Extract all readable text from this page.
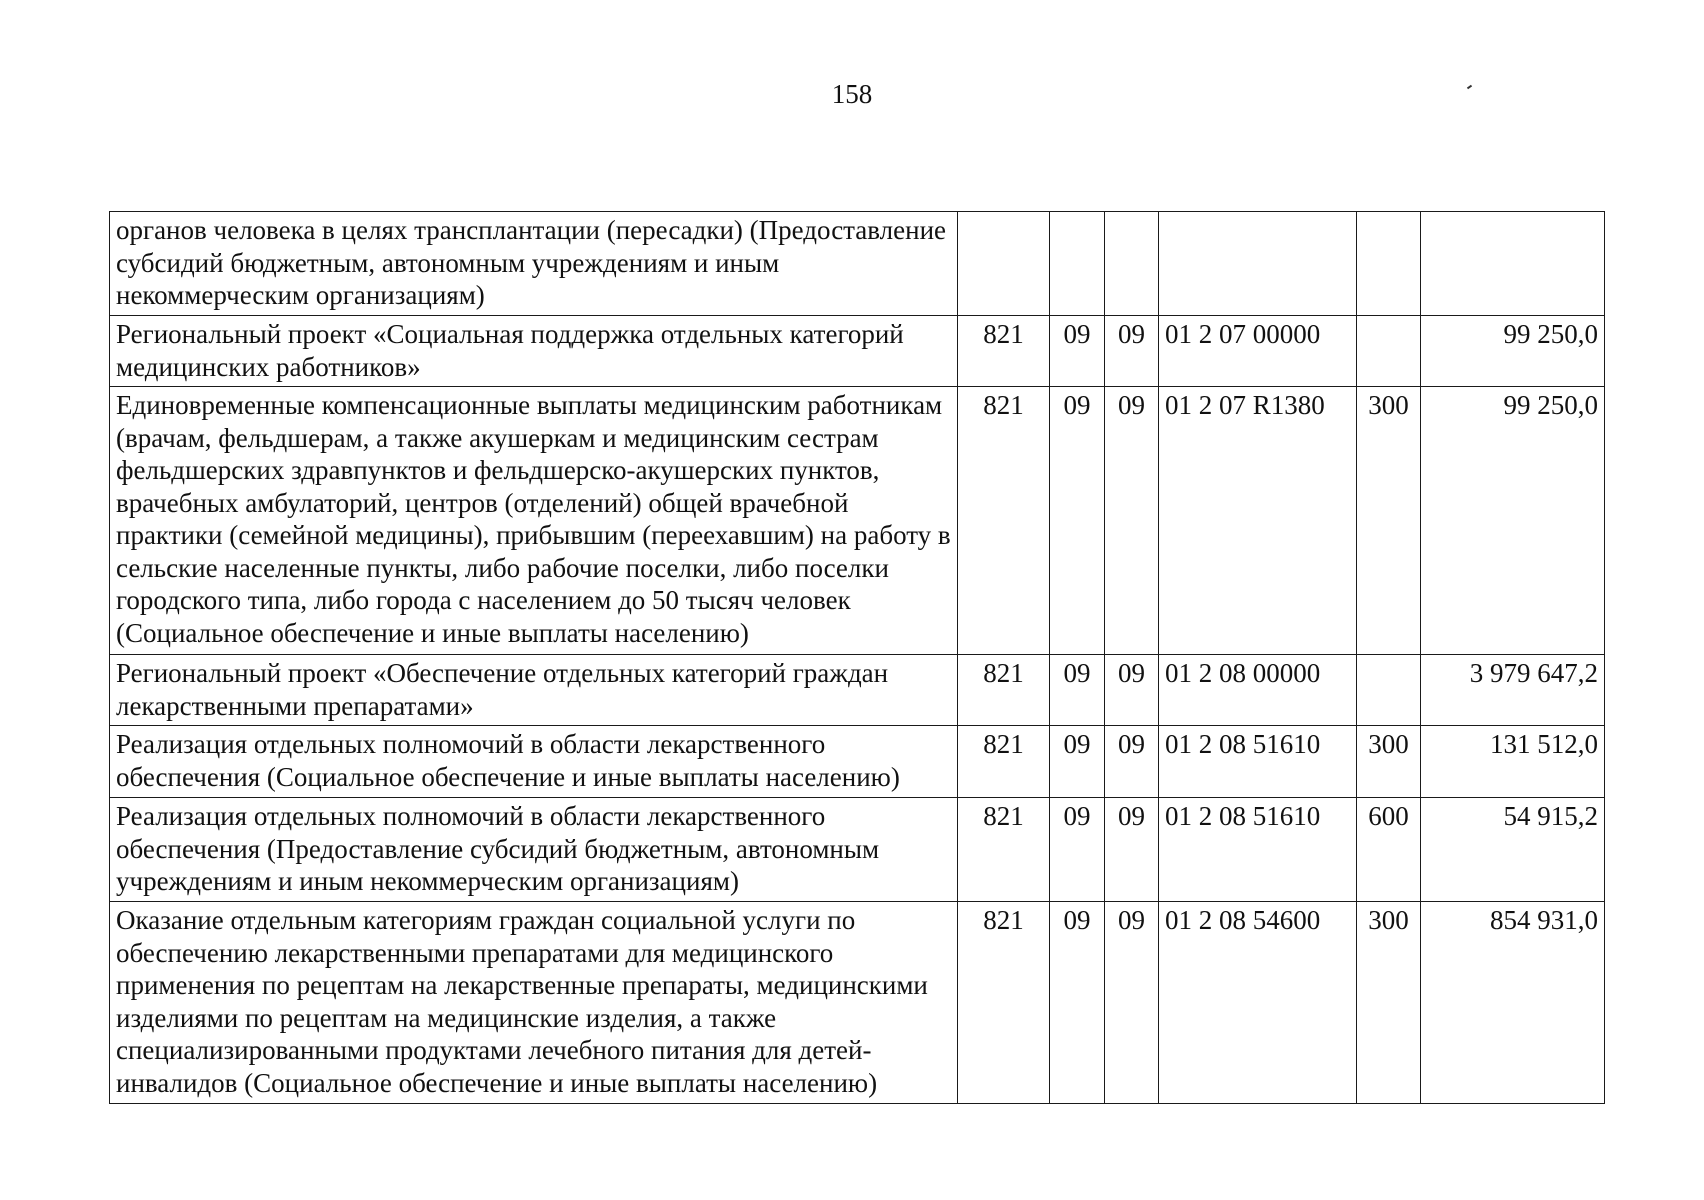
158
органов человека в целях трансплантации (пересадки) (Предоставление субсидий бюджетным, автономным учреждениям и иным некоммерческим организациям)						
Региональный проект «Социальная поддержка отдельных категорий медицинских работников»	821	09	09	01 2 07 00000		99 250,0
Единовременные компенсационные выплаты медицинским работникам (врачам, фельдшерам, а также акушеркам и медицинским сестрам фельдшерских здравпунктов и фельдшерско-акушерских пунктов, врачебных амбулаторий, центров (отделений) общей врачебной практики (семейной медицины), прибывшим (переехавшим) на работу в сельские населенные пункты, либо рабочие поселки, либо поселки городского типа, либо города с населением до 50 тысяч человек (Социальное обеспечение и иные выплаты населению)	821	09	09	01 2 07 R1380	300	99 250,0
Региональный проект «Обеспечение отдельных категорий граждан лекарственными препаратами»	821	09	09	01 2 08 00000		3 979 647,2
Реализация отдельных полномочий в области лекарственного обеспечения (Социальное обеспечение и иные выплаты населению)	821	09	09	01 2 08 51610	300	131 512,0
Реализация отдельных полномочий в области лекарственного обеспечения (Предоставление субсидий бюджетным, автономным учреждениям и иным некоммерческим организациям)	821	09	09	01 2 08 51610	600	54 915,2
Оказание отдельным категориям граждан социальной услуги по обеспечению лекарственными препаратами для медицинского применения по рецептам на лекарственные препараты, медицинскими изделиями по рецептам на медицинские изделия, а также специализированными продуктами лечебного питания для детей-инвалидов (Социальное обеспечение и иные выплаты населению)	821	09	09	01 2 08 54600	300	854 931,0
